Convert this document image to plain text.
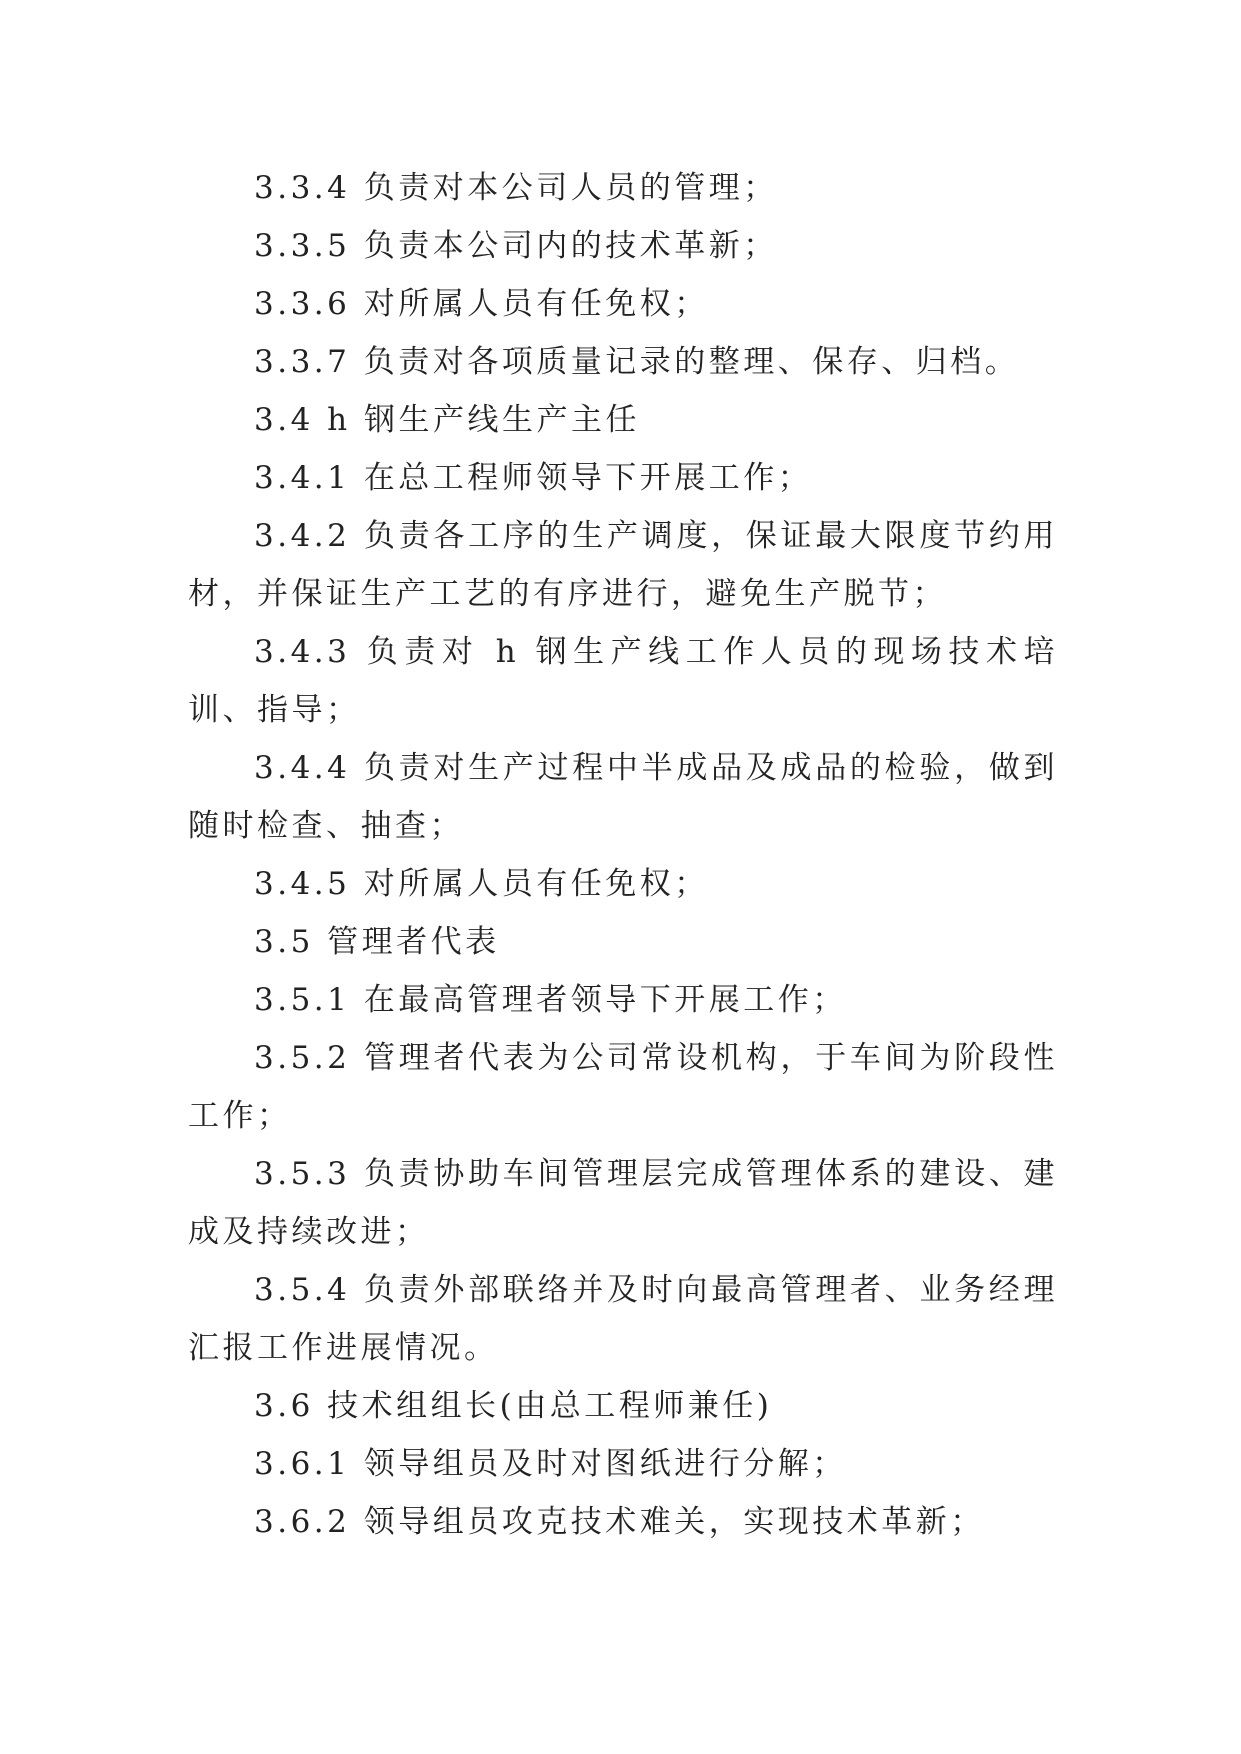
3.3.4 负责对本公司人员的管理；

3.3.5 负责本公司内的技术革新；

3.3.6 对所属人员有任免权；

3.3.7 负责对各项质量记录的整理、保存、归档。

3.4 h 钢生产线生产主任

3.4.1 在总工程师领导下开展工作；

3.4.2 负责各工序的生产调度，保证最大限度节约用材，并保证生产工艺的有序进行，避免生产脱节；

3.4.3 负责对 h 钢生产线工作人员的现场技术培训、指导；

3.4.4 负责对生产过程中半成品及成品的检验，做到随时检查、抽查；

3.4.5 对所属人员有任免权；

3.5 管理者代表

3.5.1 在最高管理者领导下开展工作；

3.5.2 管理者代表为公司常设机构，于车间为阶段性工作；

3.5.3 负责协助车间管理层完成管理体系的建设、建成及持续改进；

3.5.4 负责外部联络并及时向最高管理者、业务经理汇报工作进展情况。

3.6 技术组组长(由总工程师兼任)

3.6.1 领导组员及时对图纸进行分解；

3.6.2 领导组员攻克技术难关，实现技术革新；
